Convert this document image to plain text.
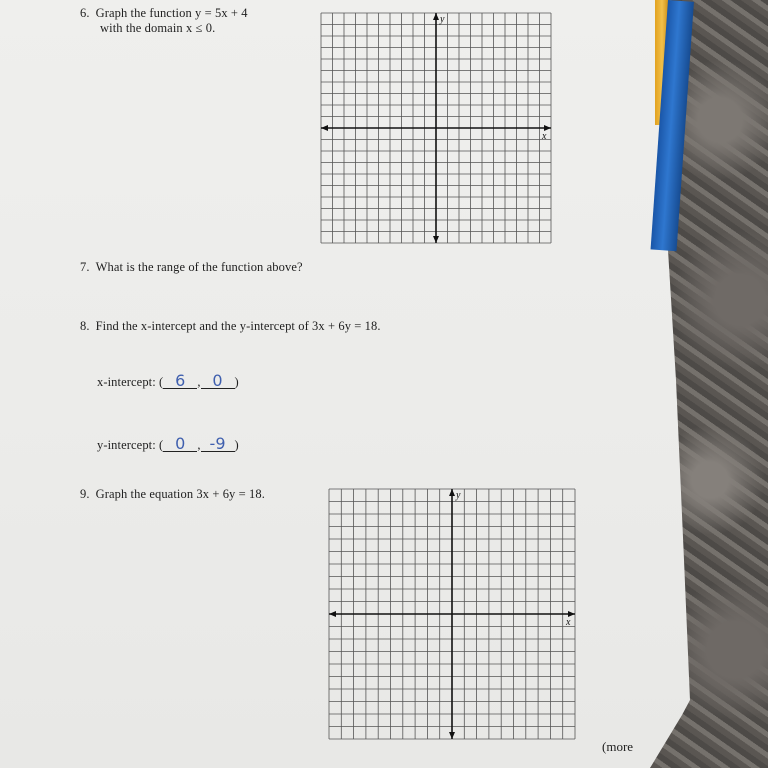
6. Graph the function y = 5x + 4
with the domain x ≤ 0.
y
x
7. What is the range of the function above?
8. Find the x-intercept and the y-intercept of 3x + 6y = 18.
x-intercept: ( 6 , 0 )
y-intercept: ( 0 , -9 )
9. Graph the equation 3x + 6y = 18.	y
x
(more
